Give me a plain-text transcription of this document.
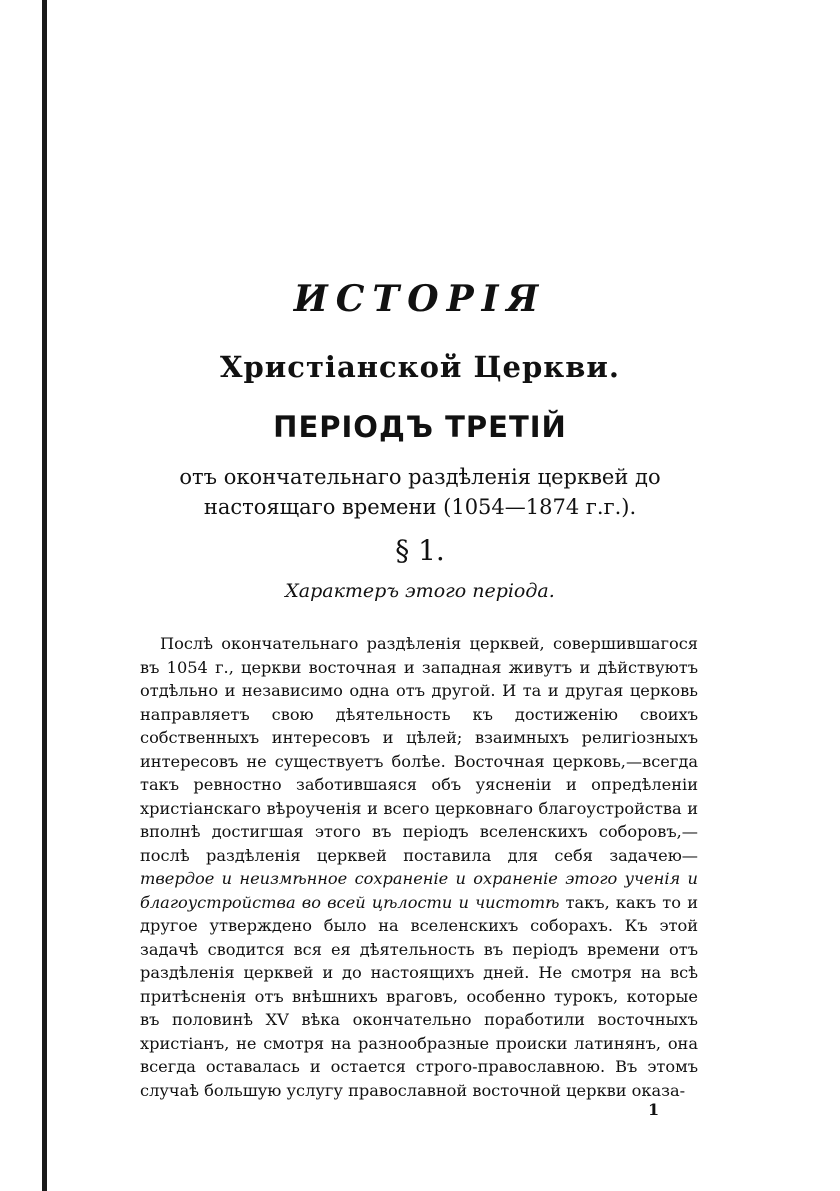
ИСТОРІЯ
Христіанской Церкви.
ПЕРІОДЪ ТРЕТІЙ
отъ окончательнаго раздѣленія церквей до настоящаго времени (1054—1874 г.г.).
§ 1.
Характеръ этого періода.

Послѣ окончательнаго раздѣленія церквей, совершившагося въ 1054 г., церкви восточная и западная живутъ и дѣйствуютъ отдѣльно и независимо одна отъ другой. И та и другая церковь направляетъ свою дѣятельность къ достиженію своихъ собственныхъ интересовъ и цѣлей; взаимныхъ религіозныхъ интересовъ не существуетъ болѣе. Восточная церковь,—всегда такъ ревностно заботившаяся объ уясненіи и опредѣленіи христіанскаго вѣроученія и всего церковнаго благоустройства и вполнѣ достигшая этого въ періодъ вселенскихъ соборовъ,— послѣ раздѣленія церквей поставила для себя задачею—твердое и неизмѣнное сохраненіе и охраненіе этого ученія и благоустройства во всей цѣлости и чистотѣ такъ, какъ то и другое утверждено было на вселенскихъ соборахъ. Къ этой задачѣ сводится вся ея дѣятельность въ періодъ времени отъ раздѣленія церквей и до настоящихъ дней. Не смотря на всѣ притѣсненія отъ внѣшнихъ враговъ, особенно турокъ, которые въ половинѣ XV вѣка окончательно поработили восточныхъ христіанъ, не смотря на разнообразные происки латинянъ, она всегда оставалась и остается строго-православною. Въ этомъ случаѣ большую услугу православной восточной церкви оказа-

1
